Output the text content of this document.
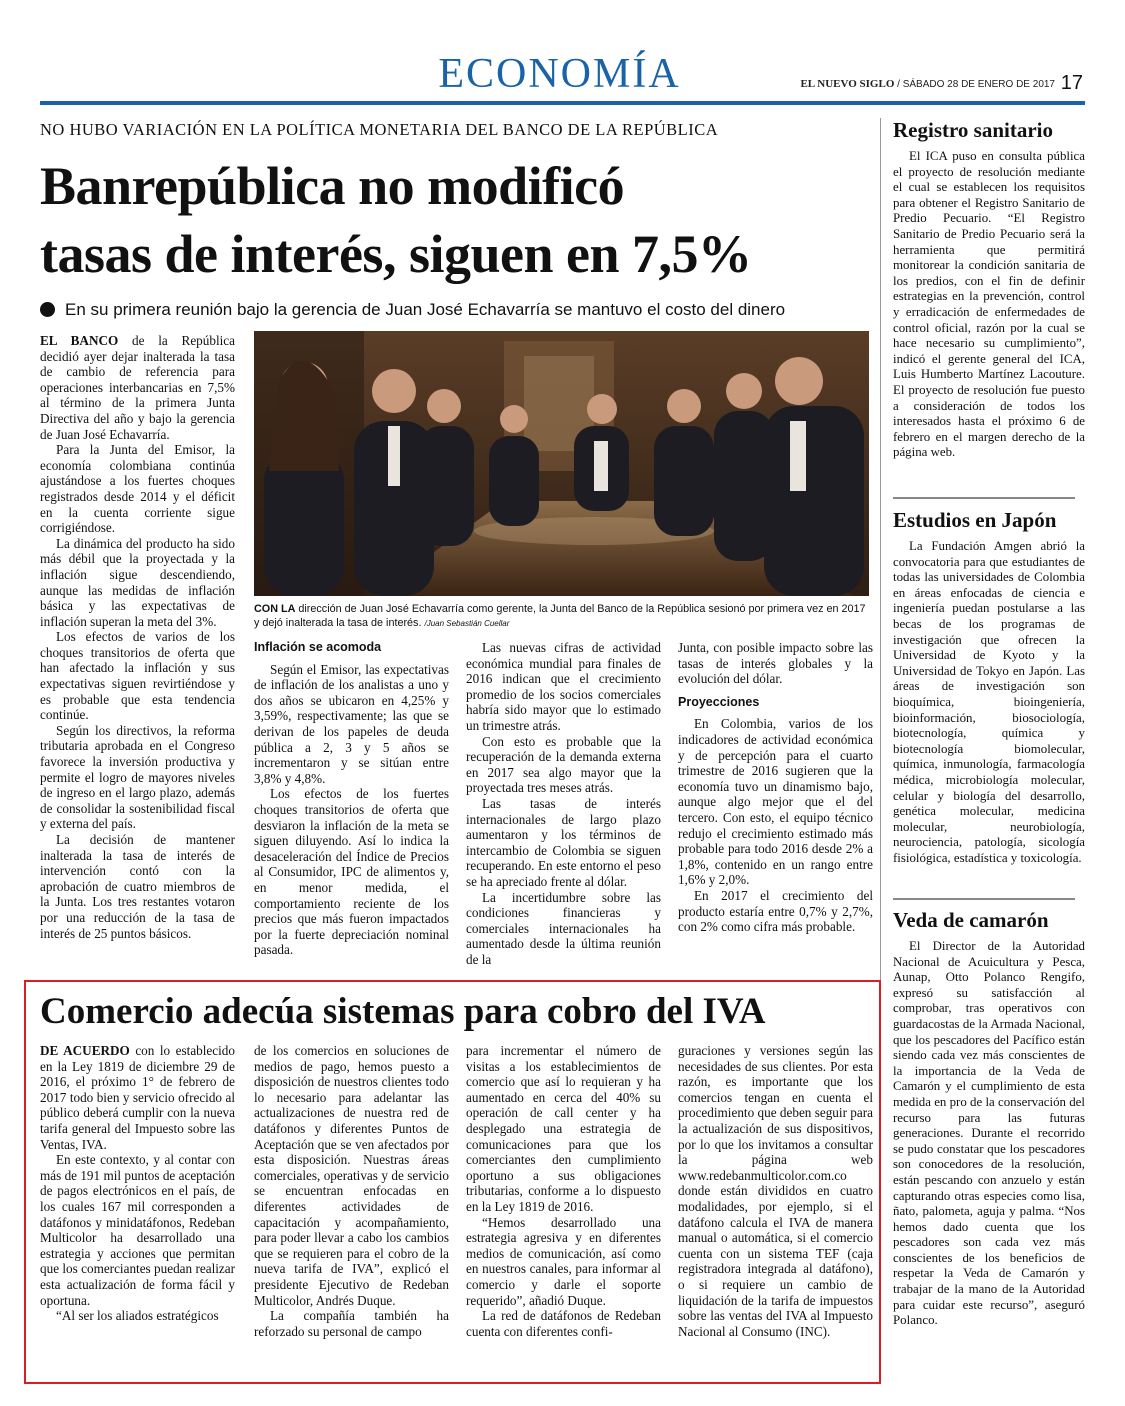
ECONOMÍA	EL NUEVO SIGLO / SÁBADO 28 DE ENERO DE 2017 17
NO HUBO VARIACIÓN EN LA POLÍTICA MONETARIA DEL BANCO DE LA REPÚBLICA
Banrepública no modificó
tasas de interés, siguen en 7,5%
En su primera reunión bajo la gerencia de Juan José Echavarría se mantuvo el costo del dinero

EL BANCO de la República decidió ayer dejar inalterada la tasa de cambio de referencia para operaciones interbancarias en 7,5% al término de la primera Junta Directiva del año y bajo la gerencia de Juan José Echavarría.

Para la Junta del Emisor, la economía colombiana continúa ajustándose a los fuertes choques registrados desde 2014 y el déficit en la cuenta corriente sigue corrigiéndose.

La dinámica del producto ha sido más débil que la proyectada y la inflación sigue descendiendo, aunque las medidas de inflación básica y las expectativas de inflación superan la meta del 3%.

Los efectos de varios de los choques transitorios de oferta que han afectado la inflación y sus expectativas siguen revirtiéndose y es probable que esta tendencia continúe.

Según los directivos, la reforma tributaria aprobada en el Congreso favorece la inversión productiva y permite el logro de mayores niveles de ingreso en el largo plazo, además de consolidar la sostenibilidad fiscal y externa del país.

La decisión de mantener inalterada la tasa de interés de intervención contó con la aprobación de cuatro miembros de la Junta. Los tres restantes votaron por una reducción de la tasa de interés de 25 puntos básicos.

CON LA dirección de Juan José Echavarría como gerente, la Junta del Banco de la República sesionó por primera vez en 2017 y dejó inalterada la tasa de interés. /Juan Sebastián Cuellar
Inflación se acomoda

Según el Emisor, las expectativas de inflación de los analistas a uno y dos años se ubicaron en 4,25% y 3,59%, respectivamente; las que se derivan de los papeles de deuda pública a 2, 3 y 5 años se incrementaron y se sitúan entre 3,8% y 4,8%.

Los efectos de los fuertes choques transitorios de oferta que desviaron la inflación de la meta se siguen diluyendo. Así lo indica la desaceleración del Índice de Precios al Consumidor, IPC de alimentos y, en menor medida, el comportamiento reciente de los precios que más fueron impactados por la fuerte depreciación nominal pasada.

Las nuevas cifras de actividad económica mundial para finales de 2016 indican que el crecimiento promedio de los socios comerciales habría sido mayor que lo estimado un trimestre atrás.

Con esto es probable que la recuperación de la demanda externa en 2017 sea algo mayor que la proyectada tres meses atrás.

Las tasas de interés internacionales de largo plazo aumentaron y los términos de intercambio de Colombia se siguen recuperando. En este entorno el peso se ha apreciado frente al dólar.

La incertidumbre sobre las condiciones financieras y comerciales internacionales ha aumentado desde la última reunión de la

Junta, con posible impacto sobre las tasas de interés globales y la evolución del dólar.

Proyecciones

En Colombia, varios de los indicadores de actividad económica y de percepción para el cuarto trimestre de 2016 sugieren que la economía tuvo un dinamismo bajo, aunque algo mejor que el del tercero. Con esto, el equipo técnico redujo el crecimiento estimado más probable para todo 2016 desde 2% a 1,8%, contenido en un rango entre 1,6% y 2,0%.

En 2017 el crecimiento del producto estaría entre 0,7% y 2,7%, con 2% como cifra más probable.

Registro sanitario

El ICA puso en consulta pública el proyecto de resolución mediante el cual se establecen los requisitos para obtener el Registro Sanitario de Predio Pecuario. “El Registro Sanitario de Predio Pecuario será la herramienta que permitirá monitorear la condición sanitaria de los predios, con el fin de definir estrategias en la prevención, control y erradicación de enfermedades de control oficial, razón por la cual se hace necesario su cumplimiento”, indicó el gerente general del ICA, Luis Humberto Martínez Lacouture. El proyecto de resolución fue puesto a consideración de todos los interesados hasta el próximo 6 de febrero en el margen derecho de la página web.

Estudios en Japón

La Fundación Amgen abrió la convocatoria para que estudiantes de todas las universidades de Colombia en áreas enfocadas de ciencia e ingeniería puedan postularse a las becas de los programas de investigación que ofrecen la Universidad de Kyoto y la Universidad de Tokyo en Japón. Las áreas de investigación son bioquímica, bioingeniería, bioinformación, biosociología, biotecnología, química y biotecnología biomolecular, química, inmunología, farmacología médica, microbiología molecular, celular y biología del desarrollo, genética molecular, medicina molecular, neurobiología, neurociencia, patología, sicología fisiológica, estadística y toxicología.

Veda de camarón

El Director de la Autoridad Nacional de Acuicultura y Pesca, Aunap, Otto Polanco Rengifo, expresó su satisfacción al comprobar, tras operativos con guardacostas de la Armada Nacional, que los pescadores del Pacífico están siendo cada vez más conscientes de la importancia de la Veda de Camarón y el cumplimiento de esta medida en pro de la conservación del recurso para las futuras generaciones. Durante el recorrido se pudo constatar que los pescadores son conocedores de la resolución, están pescando con anzuelo y están capturando otras especies como lisa, ñato, palometa, aguja y palma. “Nos hemos dado cuenta que los pescadores son cada vez más conscientes de los beneficios de respetar la Veda de Camarón y trabajar de la mano de la Autoridad para cuidar este recurso”, aseguró Polanco.

Comercio adecúa sistemas para cobro del IVA

DE ACUERDO con lo establecido en la Ley 1819 de diciembre 29 de 2016, el próximo 1° de febrero de 2017 todo bien y servicio ofrecido al público deberá cumplir con la nueva tarifa general del Impuesto sobre las Ventas, IVA.

En este contexto, y al contar con más de 191 mil puntos de aceptación de pagos electrónicos en el país, de los cuales 167 mil corresponden a datáfonos y minidatáfonos, Redeban Multicolor ha desarrollado una estrategia y acciones que permitan que los comerciantes puedan realizar esta actualización de forma fácil y oportuna.

“Al ser los aliados estratégicos

de los comercios en soluciones de medios de pago, hemos puesto a disposición de nuestros clientes todo lo necesario para adelantar las actualizaciones de nuestra red de datáfonos y diferentes Puntos de Aceptación que se ven afectados por esta disposición. Nuestras áreas comerciales, operativas y de servicio se encuentran enfocadas en diferentes actividades de capacitación y acompañamiento, para poder llevar a cabo los cambios que se requieren para el cobro de la nueva tarifa de IVA”, explicó el presidente Ejecutivo de Redeban Multicolor, Andrés Duque.

La compañía también ha reforzado su personal de campo

para incrementar el número de visitas a los establecimientos de comercio que así lo requieran y ha aumentado en cerca del 40% su operación de call center y ha desplegado una estrategia de comunicaciones para que los comerciantes den cumplimiento oportuno a sus obligaciones tributarias, conforme a lo dispuesto en la Ley 1819 de 2016.

“Hemos desarrollado una estrategia agresiva y en diferentes medios de comunicación, así como en nuestros canales, para informar al comercio y darle el soporte requerido”, añadió Duque.

La red de datáfonos de Redeban cuenta con diferentes confi-

guraciones y versiones según las necesidades de sus clientes. Por esta razón, es importante que los comercios tengan en cuenta el procedimiento que deben seguir para la actualización de sus dispositivos, por lo que los invitamos a consultar la página web www.redebanmulticolor.com.co donde están divididos en cuatro modalidades, por ejemplo, si el datáfono calcula el IVA de manera manual o automática, si el comercio cuenta con un sistema TEF (caja registradora integrada al datáfono), o si requiere un cambio de liquidación de la tarifa de impuestos sobre las ventas del IVA al Impuesto Nacional al Consumo (INC).
